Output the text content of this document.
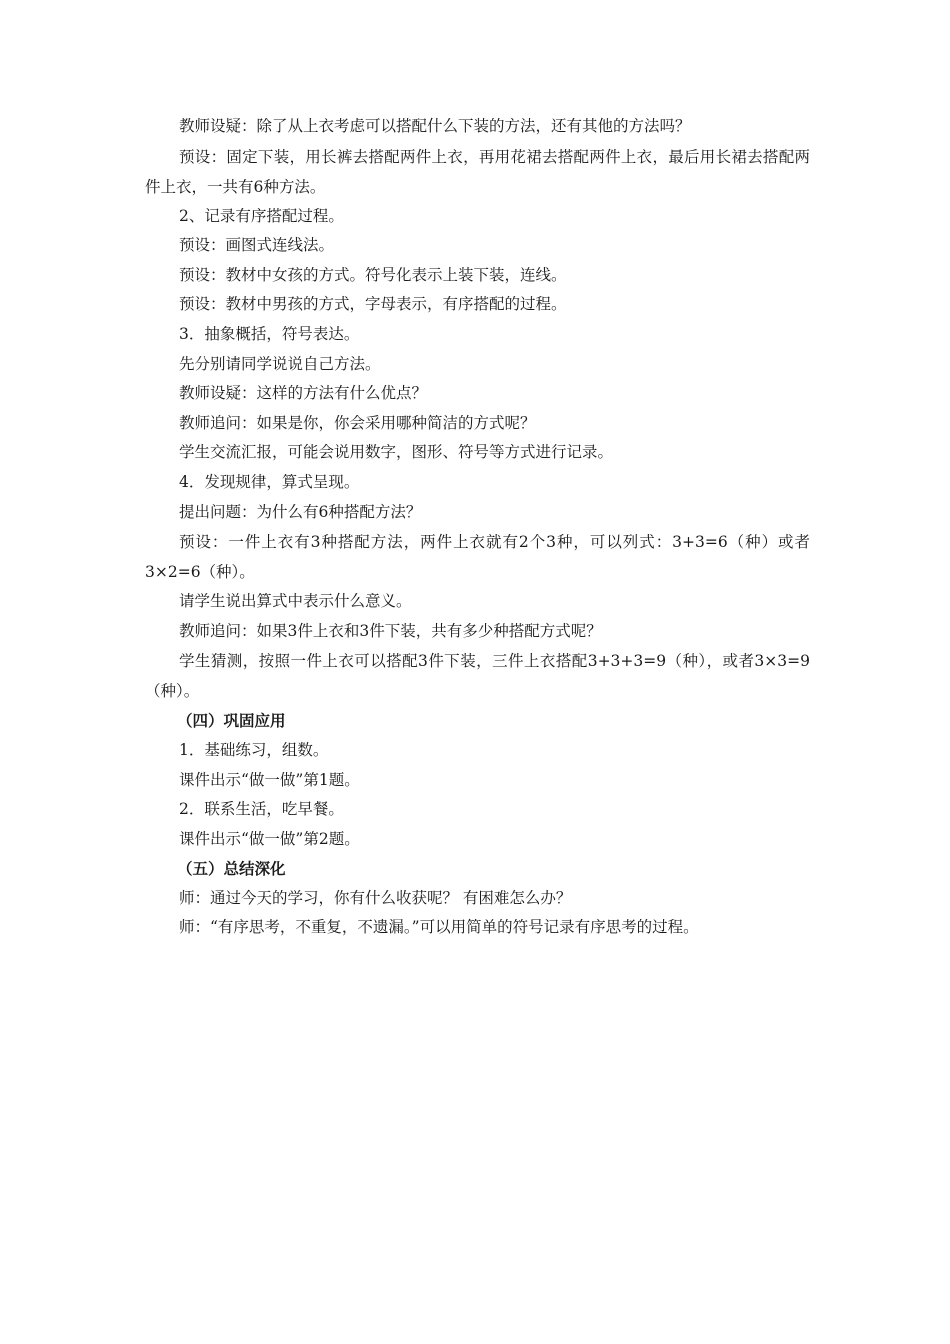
教师设疑：除了从上衣考虑可以搭配什么下装的方法，还有其他的方法吗？

预设：固定下装，用长裤去搭配两件上衣，再用花裙去搭配两件上衣，最后用长裙去搭配两件上衣，一共有6种方法。

2、记录有序搭配过程。

预设：画图式连线法。

预设：教材中女孩的方式。符号化表示上装下装，连线。

预设：教材中男孩的方式，字母表示，有序搭配的过程。

3．抽象概括，符号表达。

先分别请同学说说自己方法。

教师设疑：这样的方法有什么优点？

教师追问：如果是你，你会采用哪种简洁的方式呢？

学生交流汇报，可能会说用数字，图形、符号等方式进行记录。

4．发现规律，算式呈现。

提出问题：为什么有6种搭配方法？

预设：一件上衣有3种搭配方法，两件上衣就有2个3种，可以列式：3+3=6（种）或者3×2=6（种）。

请学生说出算式中表示什么意义。

教师追问：如果3件上衣和3件下装，共有多少种搭配方式呢？

学生猜测，按照一件上衣可以搭配3件下装，三件上衣搭配3+3+3=9（种），或者3×3=9（种）。

（四）巩固应用

1．基础练习，组数。

课件出示“做一做”第1题。

2．联系生活，吃早餐。

课件出示“做一做”第2题。

（五）总结深化

师：通过今天的学习，你有什么收获呢？ 有困难怎么办？

师：“有序思考，不重复，不遗漏。”可以用简单的符号记录有序思考的过程。
